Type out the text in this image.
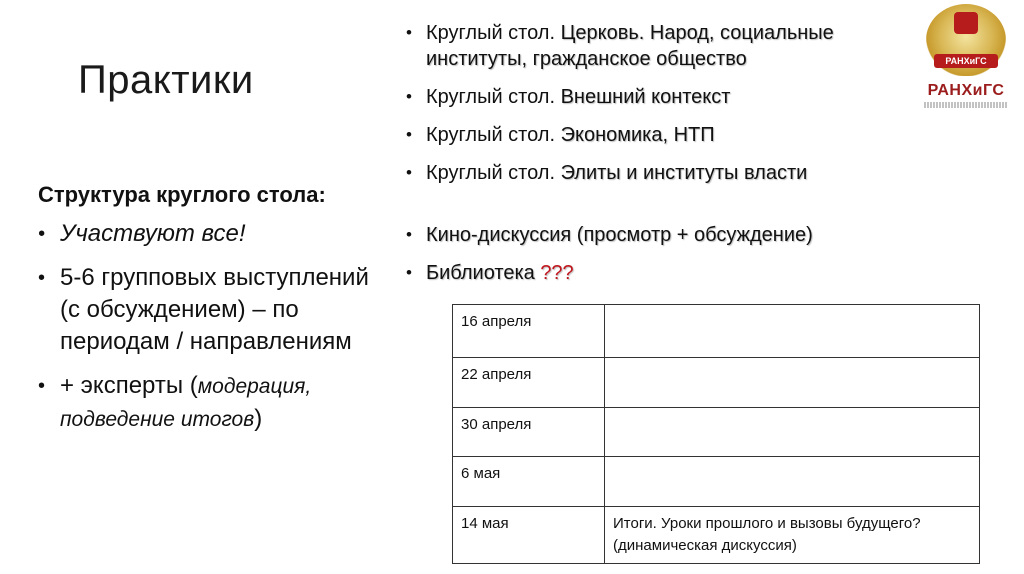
Практики	РАНХиГС
РАНХиГС
Структура круглого стола:
• Участвуют все!
• 5-6 групповых выступлений (с обсуждением) – по периодам / направлениям
• + эксперты (модерация, подведение итогов)
• Круглый стол. Церковь. Народ, социальные институты, гражданское общество
• Круглый стол. Внешний контекст
• Круглый стол. Экономика, НТП
• Круглый стол. Элиты и институты власти
• Кино-дискуссия (просмотр + обсуждение)
• Библиотека ???
16 апреля	
22 апреля	
30 апреля	
6 мая	
14 мая	Итоги. Уроки прошлого и вызовы будущего? (динамическая дискуссия)
